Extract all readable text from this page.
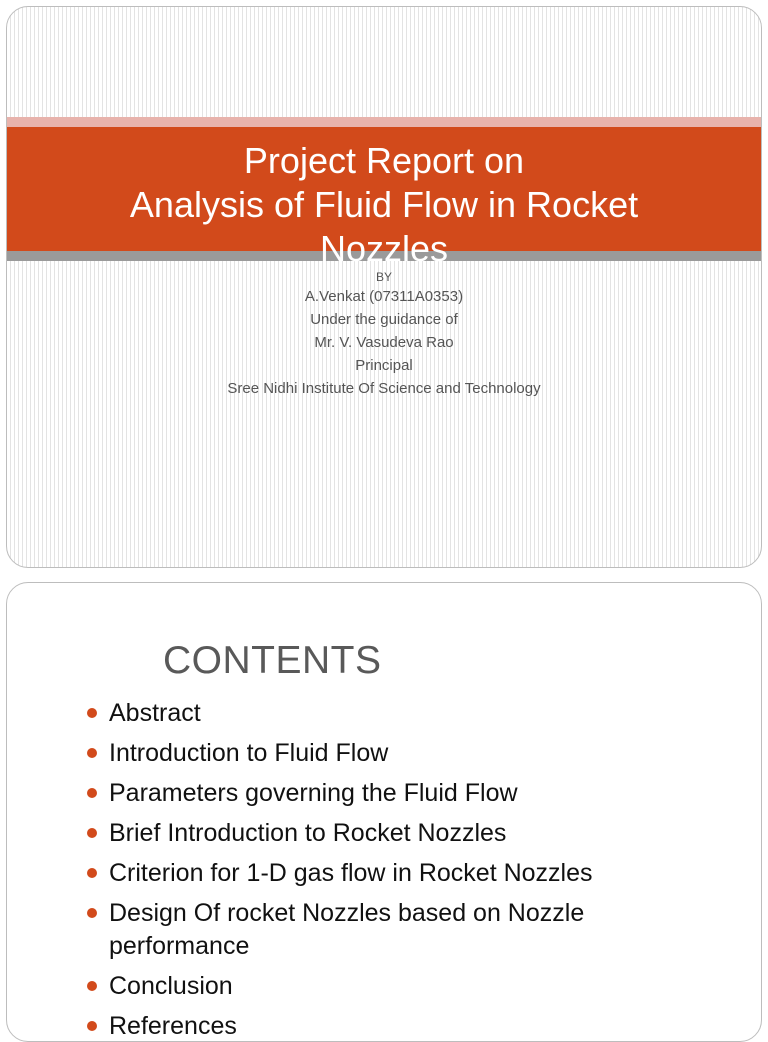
Project Report on
Analysis of Fluid Flow in Rocket
Nozzles
BY
A.Venkat (07311A0353)
Under the guidance of
Mr. V. Vasudeva Rao
Principal
Sree Nidhi Institute Of Science and Technology
CONTENTS
Abstract
Introduction to Fluid Flow
Parameters governing the Fluid Flow
Brief Introduction to Rocket Nozzles
Criterion for 1-D gas flow in Rocket Nozzles
Design Of rocket Nozzles based on Nozzle performance
Conclusion
References
